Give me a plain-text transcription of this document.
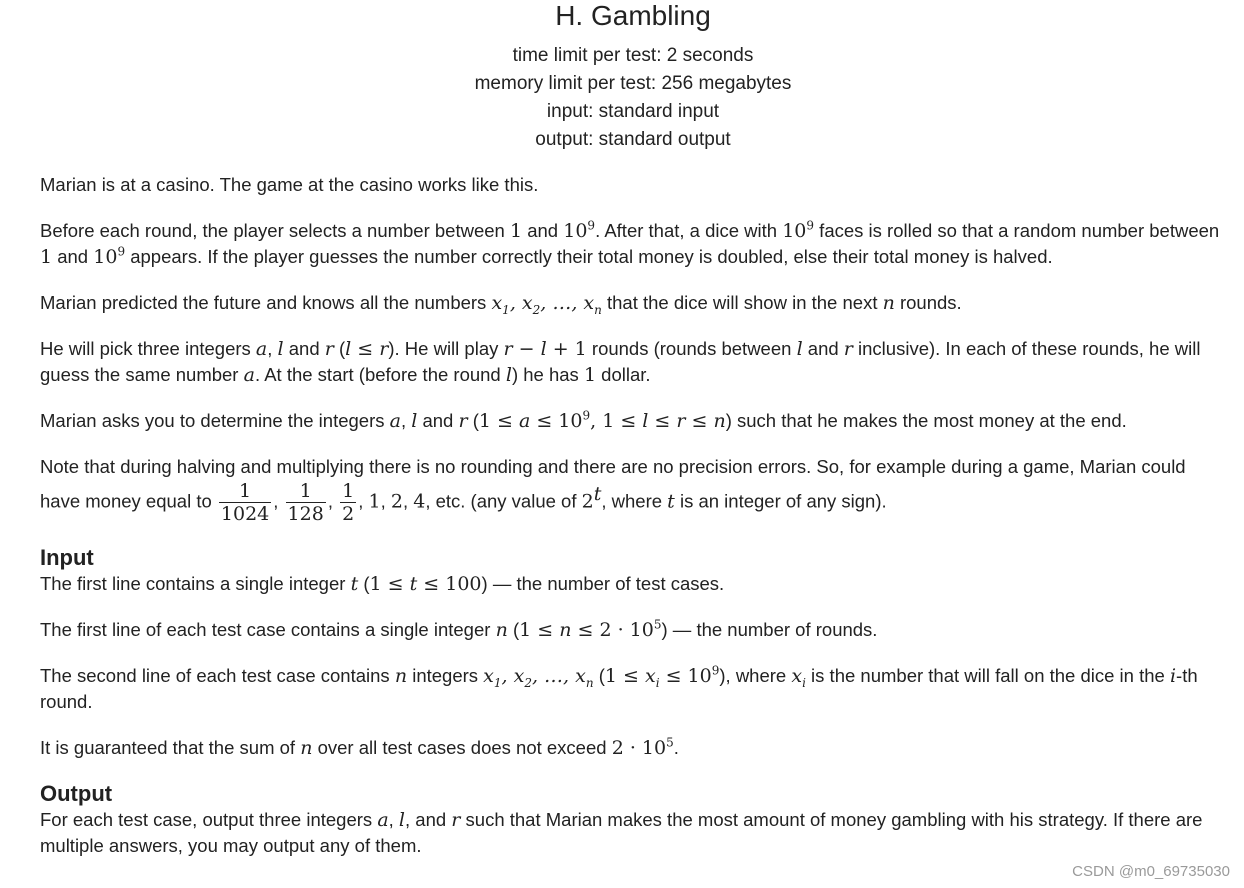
H. Gambling
time limit per test: 2 seconds
memory limit per test: 256 megabytes
input: standard input
output: standard output

Marian is at a casino. The game at the casino works like this.

Before each round, the player selects a number between 1 and $10^9$. After that, a dice with $10^9$ faces is rolled so that a random number between 1 and $10^9$ appears. If the player guesses the number correctly their total money is doubled, else their total money is halved.

Marian predicted the future and knows all the numbers $x_1$, $x_2$, …, $x_n$ that the dice will show in the next n rounds.

He will pick three integers a, l and r (l ≤ r). He will play r − l + 1 rounds (rounds between l and r inclusive). In each of these rounds, he will guess the same number a. At the start (before the round l) he has 1 dollar.

Marian asks you to determine the integers a, l and r ($1 \le a \le 10^9$, 1 ≤ l ≤ r ≤ n) such that he makes the most money at the end.

Note that during halving and multiplying there is no rounding and there are no precision errors. So, for example during a game, Marian could have money equal to $\frac{1}{1024}$ , $\frac{1}{128}$ , $\frac{1}{2}$ , 1, 2, 4, etc. (any value of 2$^t$, where t is an integer of any sign).

Input

The first line contains a single integer t (1 ≤ t ≤ 100) — the number of test cases.

The first line of each test case contains a single integer n $(1 \le n \le 2 \cdot 10^5)$ — the number of rounds.

The second line of each test case contains n integers $x_1$, $x_2$, …, $x_n$ $(1 \le x_i \le 10^9)$, where $x_i$ is the number that will fall on the dice in the i-th round.

It is guaranteed that the sum of n over all test cases does not exceed $2 \cdot 10^5$.

Output

For each test case, output three integers a, l, and r such that Marian makes the most amount of money gambling with his strategy. If there are multiple answers, you may output any of them.

CSDN @m0_69735030
